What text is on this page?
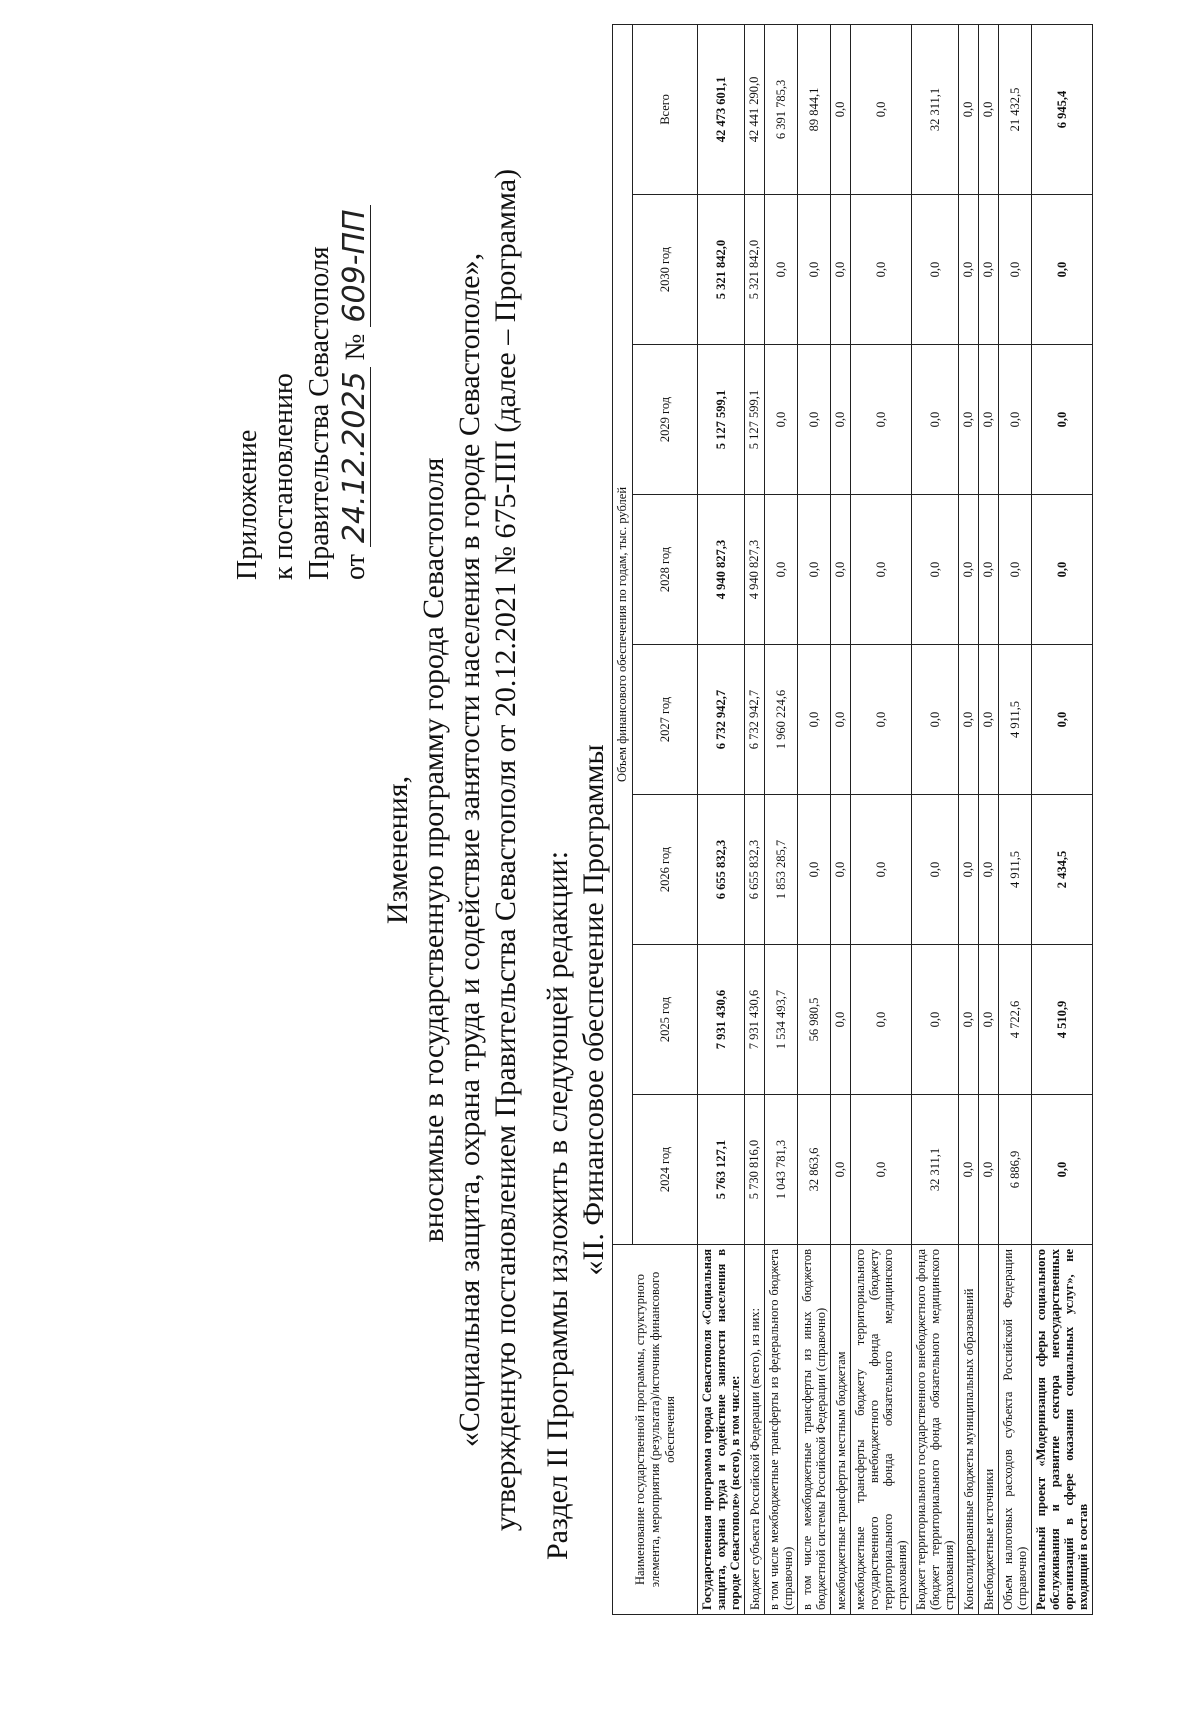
Приложение к постановлению Правительства Севастополя от 24.12.2025 № 609-ПП
Изменения, вносимые в государственную программу города Севастополя «Социальная защита, охрана труда и содействие занятости населения в городе Севастополе», утвержденную постановлением Правительства Севастополя от 20.12.2021 № 675-ПП (далее – Программа) Раздел II Программы изложить в следующей редакции: «II. Финансовое обеспечение Программы
Наименование государственной программы, структурного элемента, мероприятия (результата)/источник финансового обеспечения	Объем финансового обеспечения по годам, тыс. рублей							
	2024 год	2025 год	2026 год	2027 год	2028 год	2029 год	2030 год	Всего
Государственная программа города Севастополя «Социальная защита, охрана труда и содействие занятости населения в городе Севастополе» (всего), в том числе:	5 763 127,1	7 931 430,6	6 655 832,3	6 732 942,7	4 940 827,3	5 127 599,1	5 321 842,0	42 473 601,1
Бюджет субъекта Российской Федерации (всего), из них:	5 730 816,0	7 931 430,6	6 655 832,3	6 732 942,7	4 940 827,3	5 127 599,1	5 321 842,0	42 441 290,0
в том числе межбюджетные трансферты из федерального бюджета (справочно)	1 043 781,3	1 534 493,7	1 853 285,7	1 960 224,6	0,0	0,0	0,0	6 391 785,3
в том числе межбюджетные трансферты из иных бюджетов бюджетной системы Российской Федерации (справочно)	32 863,6	56 980,5	0,0	0,0	0,0	0,0	0,0	89 844,1
межбюджетные трансферты местным бюджетам	0,0	0,0	0,0	0,0	0,0	0,0	0,0	0,0
межбюджетные трансферты бюджету территориального государственного внебюджетного фонда (бюджету территориального фонда обязательного медицинского страхования)	0,0	0,0	0,0	0,0	0,0	0,0	0,0	0,0
Бюджет территориального государственного внебюджетного фонда (бюджет территориального фонда обязательного медицинского страхования)	32 311,1	0,0	0,0	0,0	0,0	0,0	0,0	32 311,1
Консолидированные бюджеты муниципальных образований	0,0	0,0	0,0	0,0	0,0	0,0	0,0	0,0
Внебюджетные источники	0,0	0,0	0,0	0,0	0,0	0,0	0,0	0,0
Объем налоговых расходов субъекта Российской Федерации (справочно)	6 886,9	4 722,6	4 911,5	4 911,5	0,0	0,0	0,0	21 432,5
Региональный проект «Модернизация сферы социального обслуживания и развитие сектора негосударственных организаций в сфере оказания социальных услуг», не входящий в состав	0,0	4 510,9	2 434,5	0,0	0,0	0,0	0,0	6 945,4
